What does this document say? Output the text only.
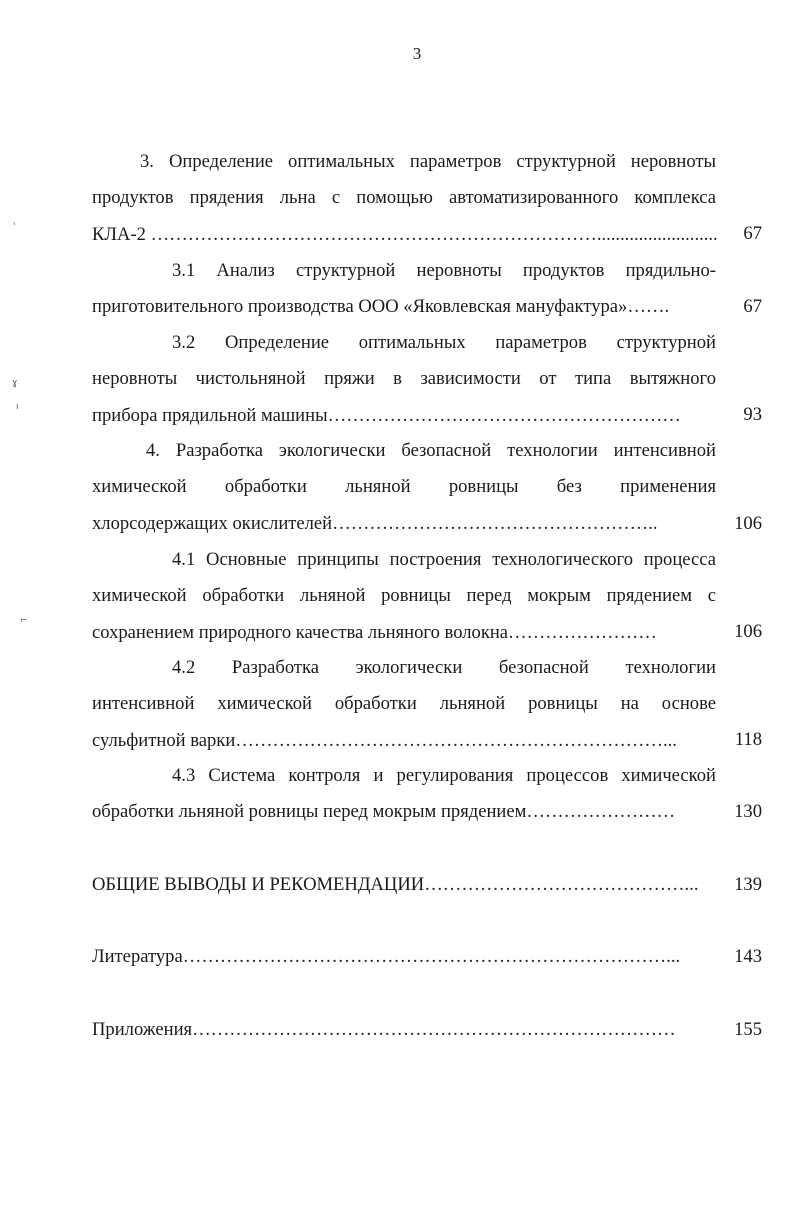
3
3. Определение оптимальных параметров структурной неровноты
продуктов прядения льна с помощью автоматизированного комплекса
КЛА-2 ………………………………………………………………..........................	67
3.1 Анализ структурной неровноты продуктов прядильно-
приготовительного производства ООО «Яковлевская мануфактура»…….	67
3.2 Определение оптимальных параметров структурной
неровноты чистольняной пряжи в зависимости от типа вытяжного
прибора прядильной машины…………………………………………………	93
4. Разработка экологически безопасной технологии интенсивной
химической обработки льняной ровницы без применения
хлорсодержащих окислителей……………………………………………..	106
4.1 Основные принципы построения технологического процесса
химической обработки льняной ровницы перед мокрым прядением с
сохранением природного качества льняного волокна……………………	106
4.2 Разработка экологически безопасной технологии
интенсивной химической обработки льняной ровницы на основе
сульфитной варки……………………………………………………………...	118
4.3 Система контроля и регулирования процессов химической
обработки льняной ровницы перед мокрым прядением……………………	130
ОБЩИЕ ВЫВОДЫ И РЕКОМЕНДАЦИИ……………………………………...	139
Литература……………………………………………………………………...	143
Приложения……………………………………………………………………	155
'
ɣ
ı
⌐
